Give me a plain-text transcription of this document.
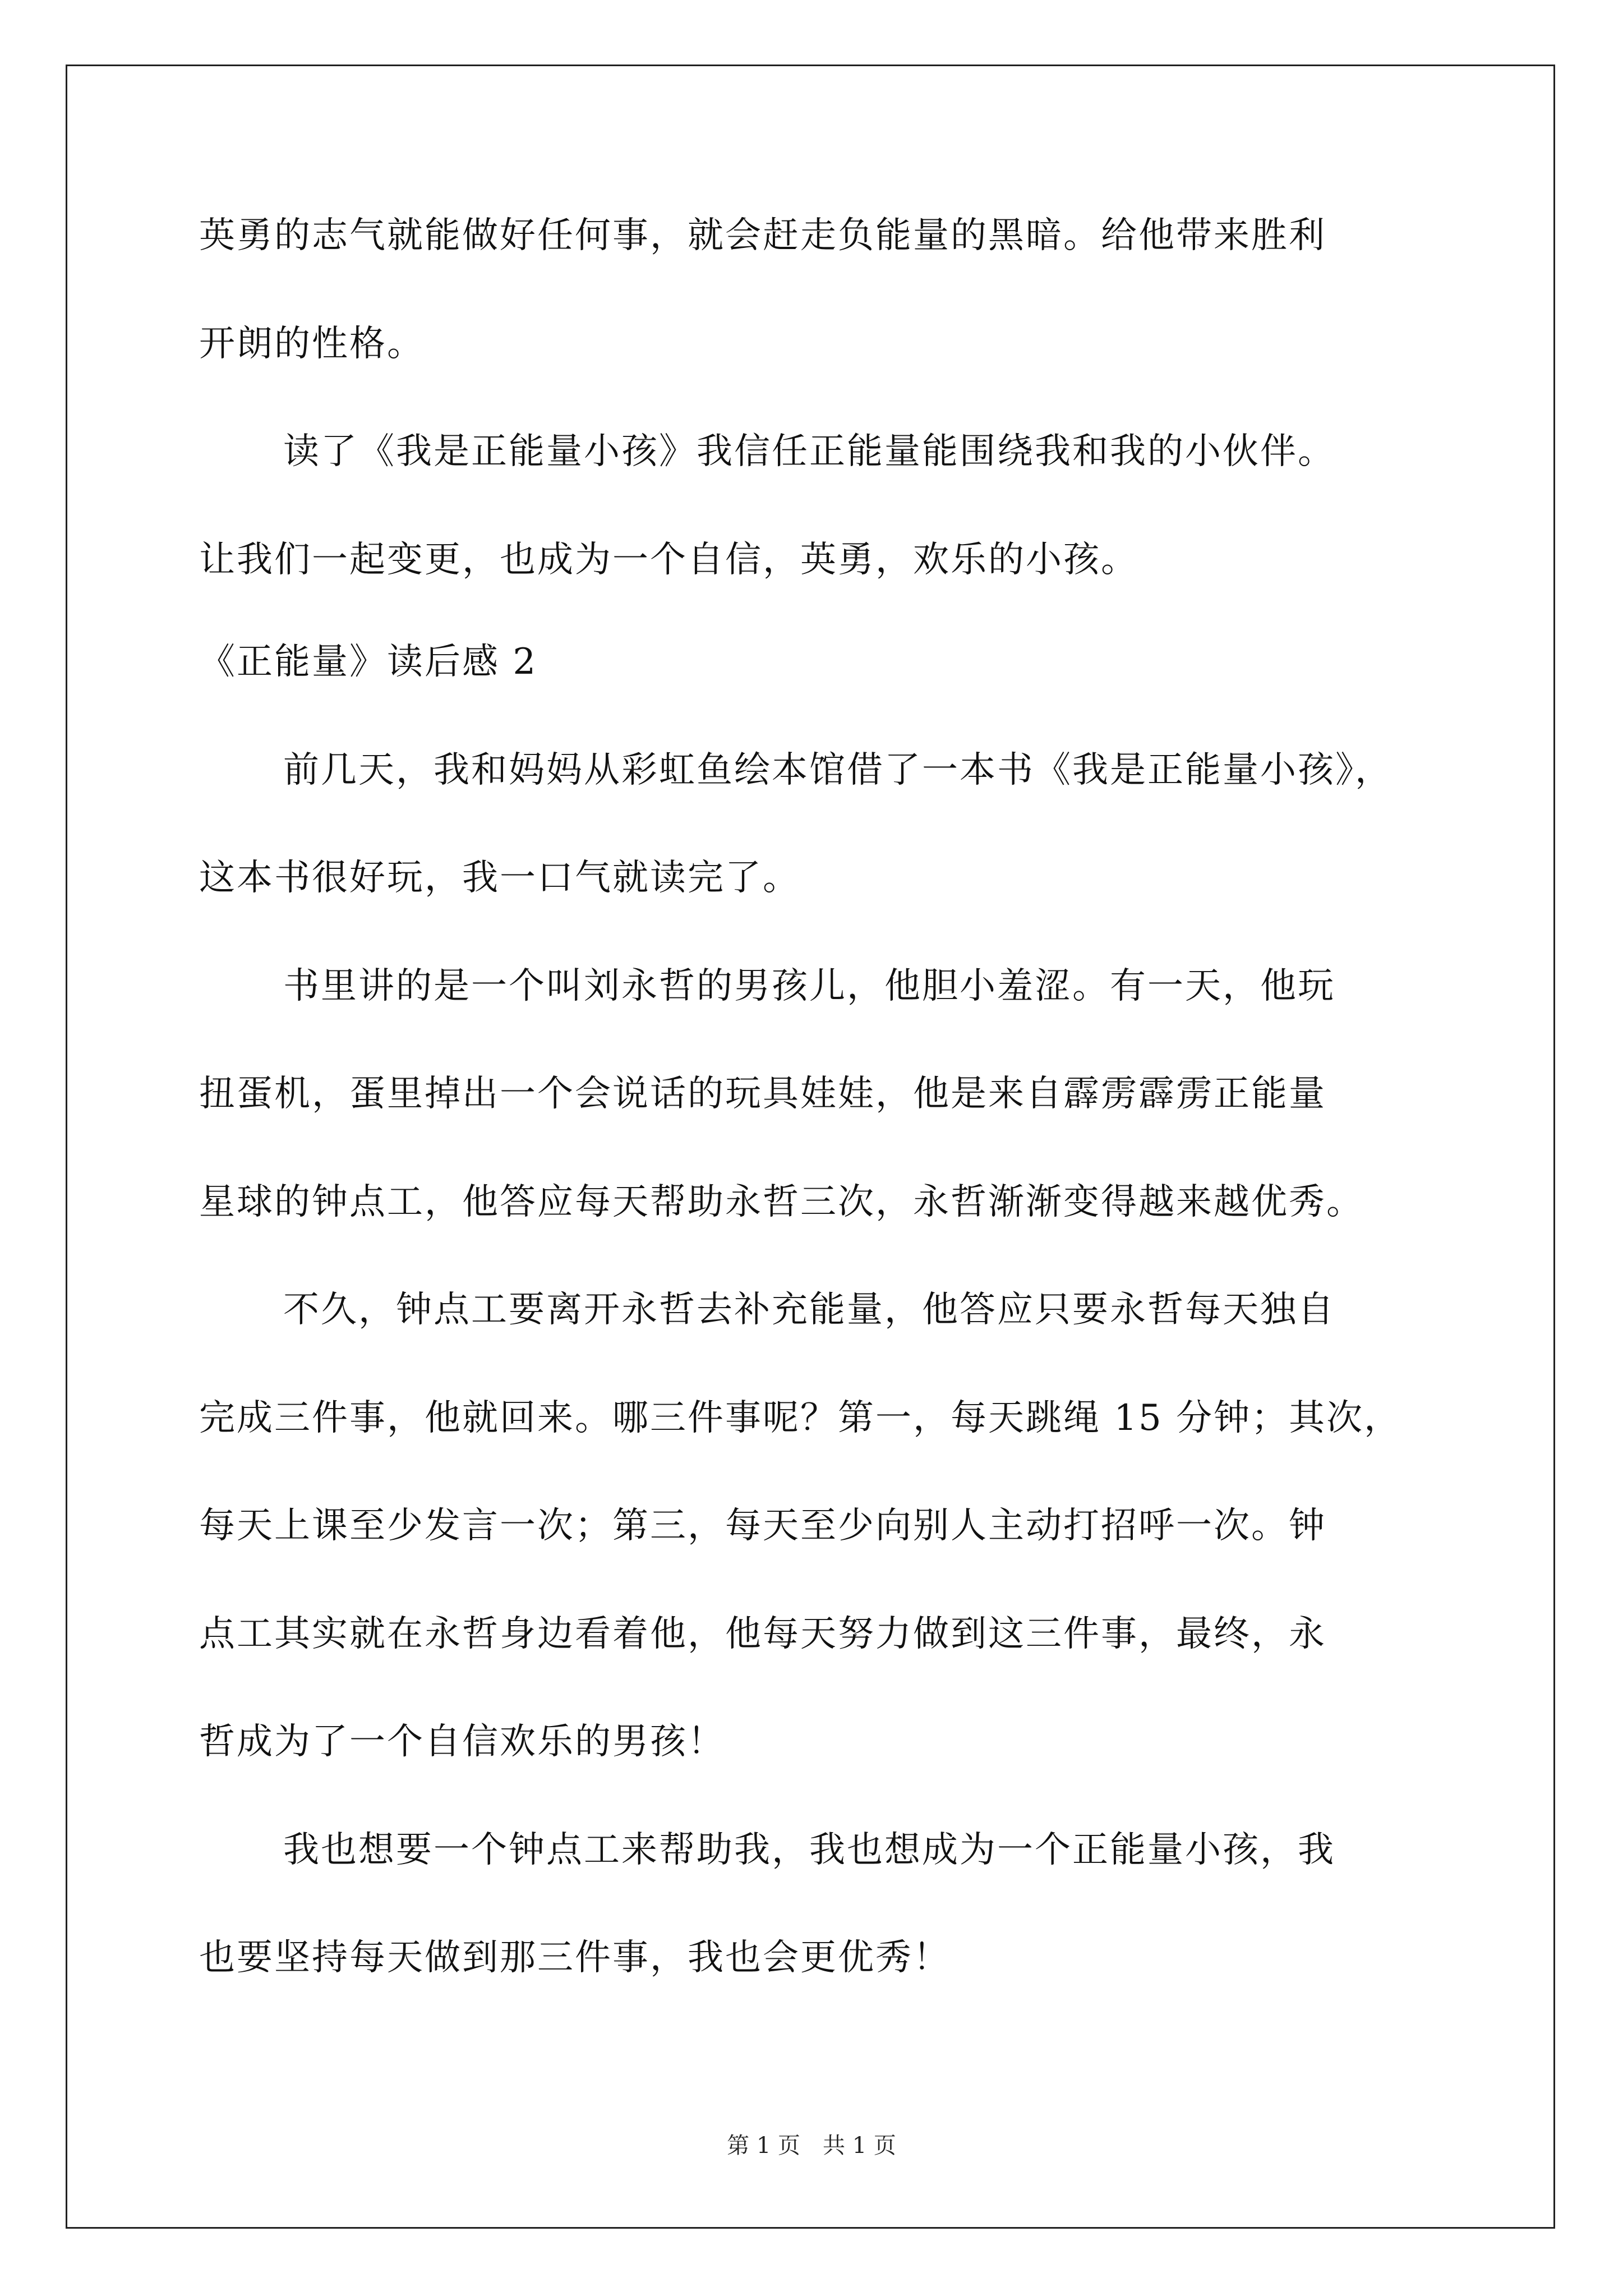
英勇的志气就能做好任何事，就会赶走负能量的黑暗。给他带来胜利
开朗的性格。
读了《我是正能量小孩》我信任正能量能围绕我和我的小伙伴。
让我们一起变更，也成为一个自信，英勇，欢乐的小孩。
《正能量》读后感 2
前几天，我和妈妈从彩虹鱼绘本馆借了一本书《我是正能量小孩》，
这本书很好玩，我一口气就读完了。
书里讲的是一个叫刘永哲的男孩儿，他胆小羞涩。有一天，他玩
扭蛋机，蛋里掉出一个会说话的玩具娃娃，他是来自霹雳霹雳正能量
星球的钟点工，他答应每天帮助永哲三次，永哲渐渐变得越来越优秀。
不久，钟点工要离开永哲去补充能量，他答应只要永哲每天独自
完成三件事，他就回来。哪三件事呢？第一，每天跳绳 15 分钟；其次，
每天上课至少发言一次；第三，每天至少向别人主动打招呼一次。钟
点工其实就在永哲身边看着他，他每天努力做到这三件事，最终，永
哲成为了一个自信欢乐的男孩！
我也想要一个钟点工来帮助我，我也想成为一个正能量小孩，我
也要坚持每天做到那三件事，我也会更优秀！
第 1 页 共 1 页
